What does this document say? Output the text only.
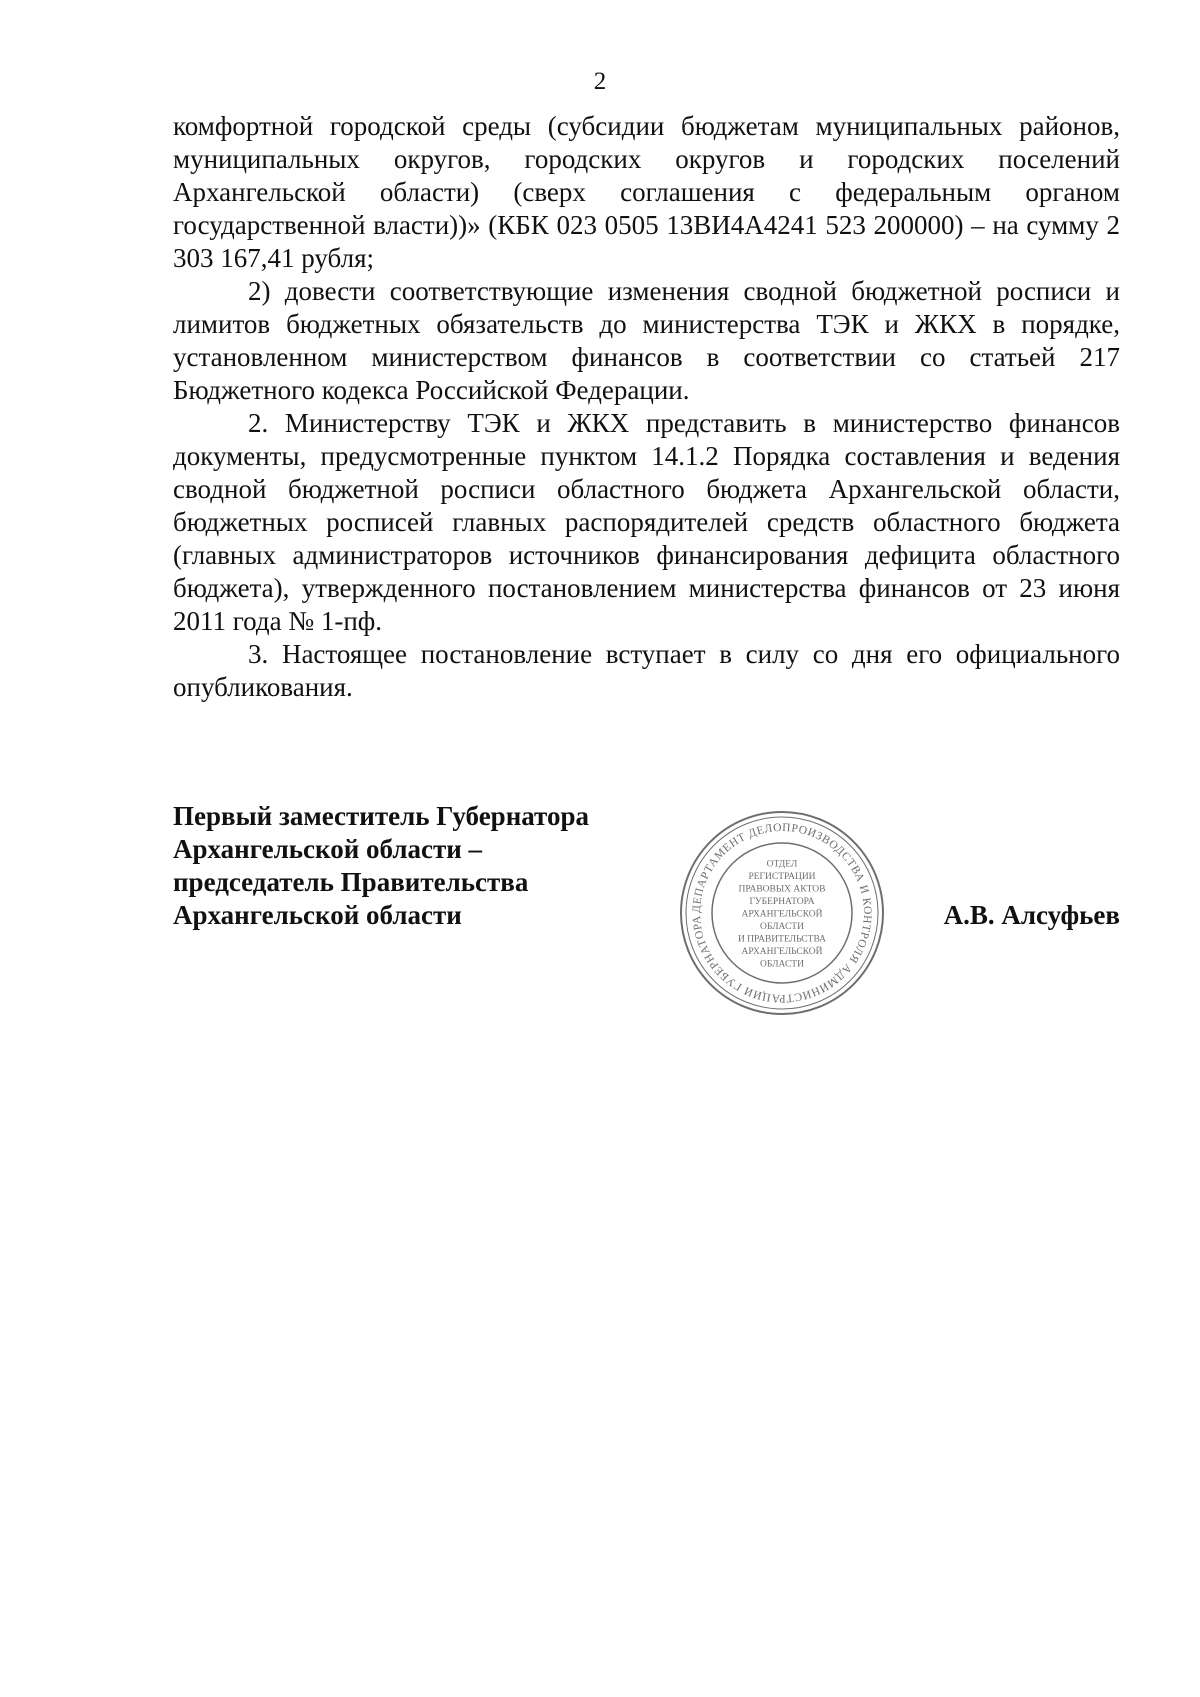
2

комфортной городской среды (субсидии бюджетам муниципальных районов, муниципальных округов, городских округов и городских поселений Архангельской области) (сверх соглашения с федеральным органом государственной власти))» (КБК 023 0505 13ВИ4А4241 523 200000) – на сумму 2 303 167,41 рубля;

2) довести соответствующие изменения сводной бюджетной росписи и лимитов бюджетных обязательств до министерства ТЭК и ЖКХ в порядке, установленном министерством финансов в соответствии со статьей 217 Бюджетного кодекса Российской Федерации.

2. Министерству ТЭК и ЖКХ представить в министерство финансов документы, предусмотренные пунктом 14.1.2 Порядка составления и ведения сводной бюджетной росписи областного бюджета Архангельской области, бюджетных росписей главных распорядителей средств областного бюджета (главных администраторов источников финансирования дефицита областного бюджета), утвержденного постановлением министерства финансов от 23 июня 2011 года № 1-пф.

3. Настоящее постановление вступает в силу со дня его официального опубликования.

Первый заместитель Губернатора
Архангельской области –
председатель Правительства
Архангельской области	ДЕПАРТАМЕНТ ДЕЛОПРОИЗВОДСТВА И КОНТРОЛЯ АДМИНИСТРАЦИИ ГУБЕРНАТОРА
ОТДЕЛ
РЕГИСТРАЦИИ
ПРАВОВЫХ АКТОВ
ГУБЕРНАТОРА
АРХАНГЕЛЬСКОЙ
ОБЛАСТИ
И ПРАВИТЕЛЬСТВА
АРХАНГЕЛЬСКОЙ
ОБЛАСТИ
А.В. Алсуфьев
